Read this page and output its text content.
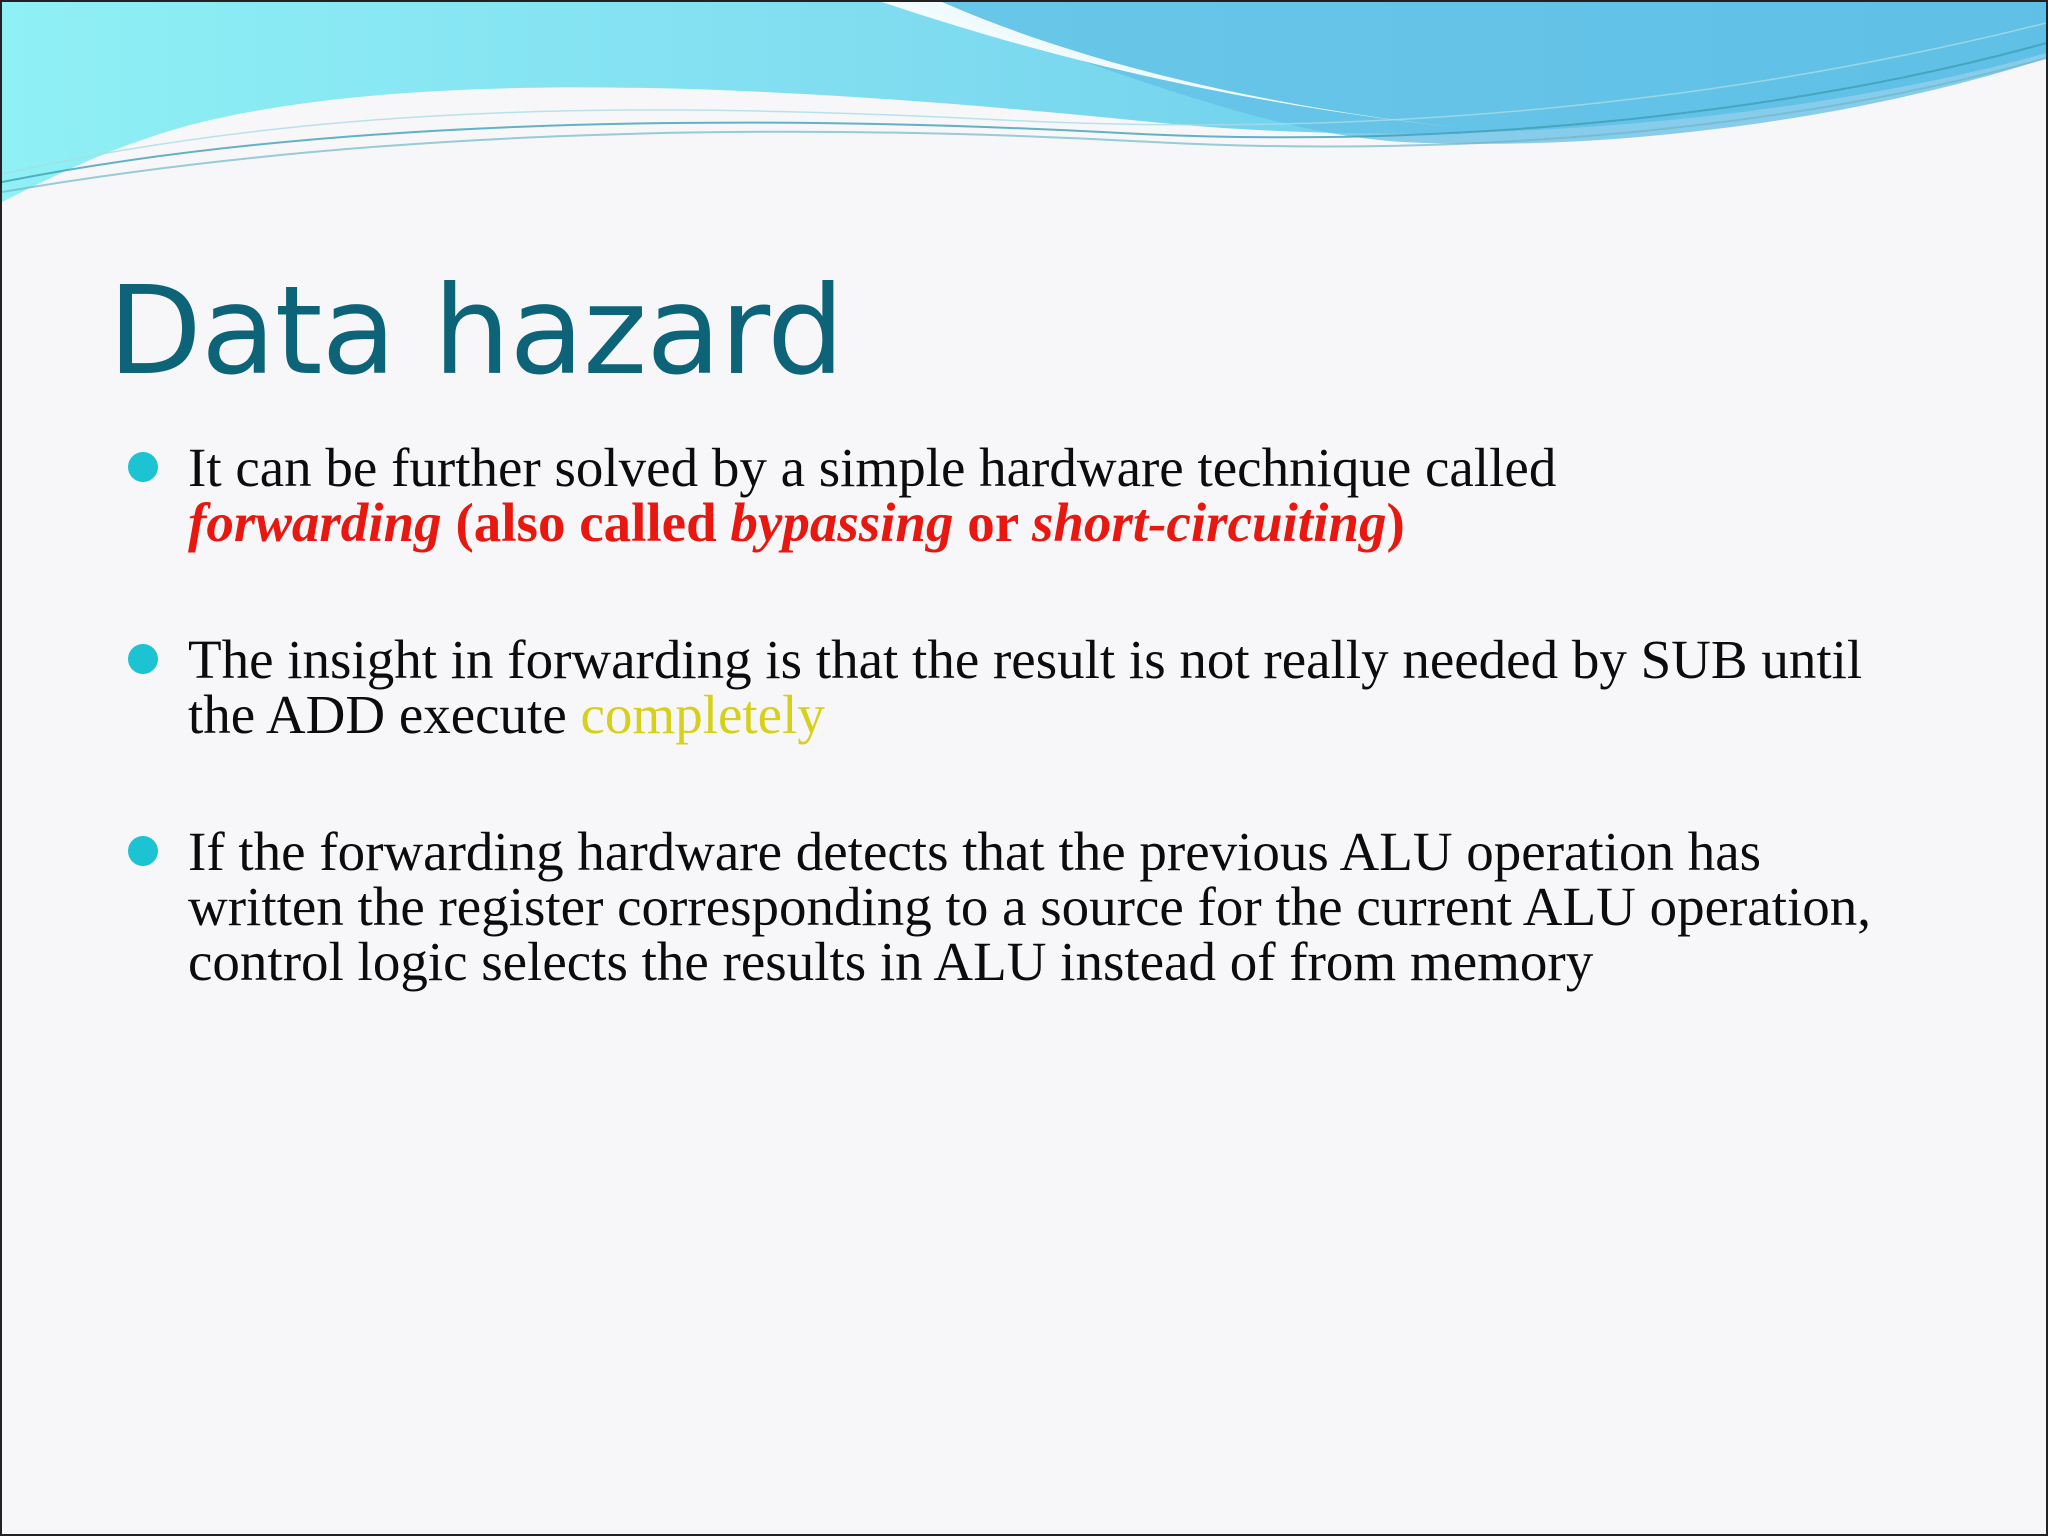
Data hazard
It can be further solved by a simple hardware technique called
forwarding (also called bypassing or short-circuiting)
The insight in forwarding is that the result is not really needed by SUB until the ADD execute completely
If the forwarding hardware detects that the previous ALU operation has written the register corresponding to a source for the current ALU operation, control logic selects the results in ALU instead of from memory
